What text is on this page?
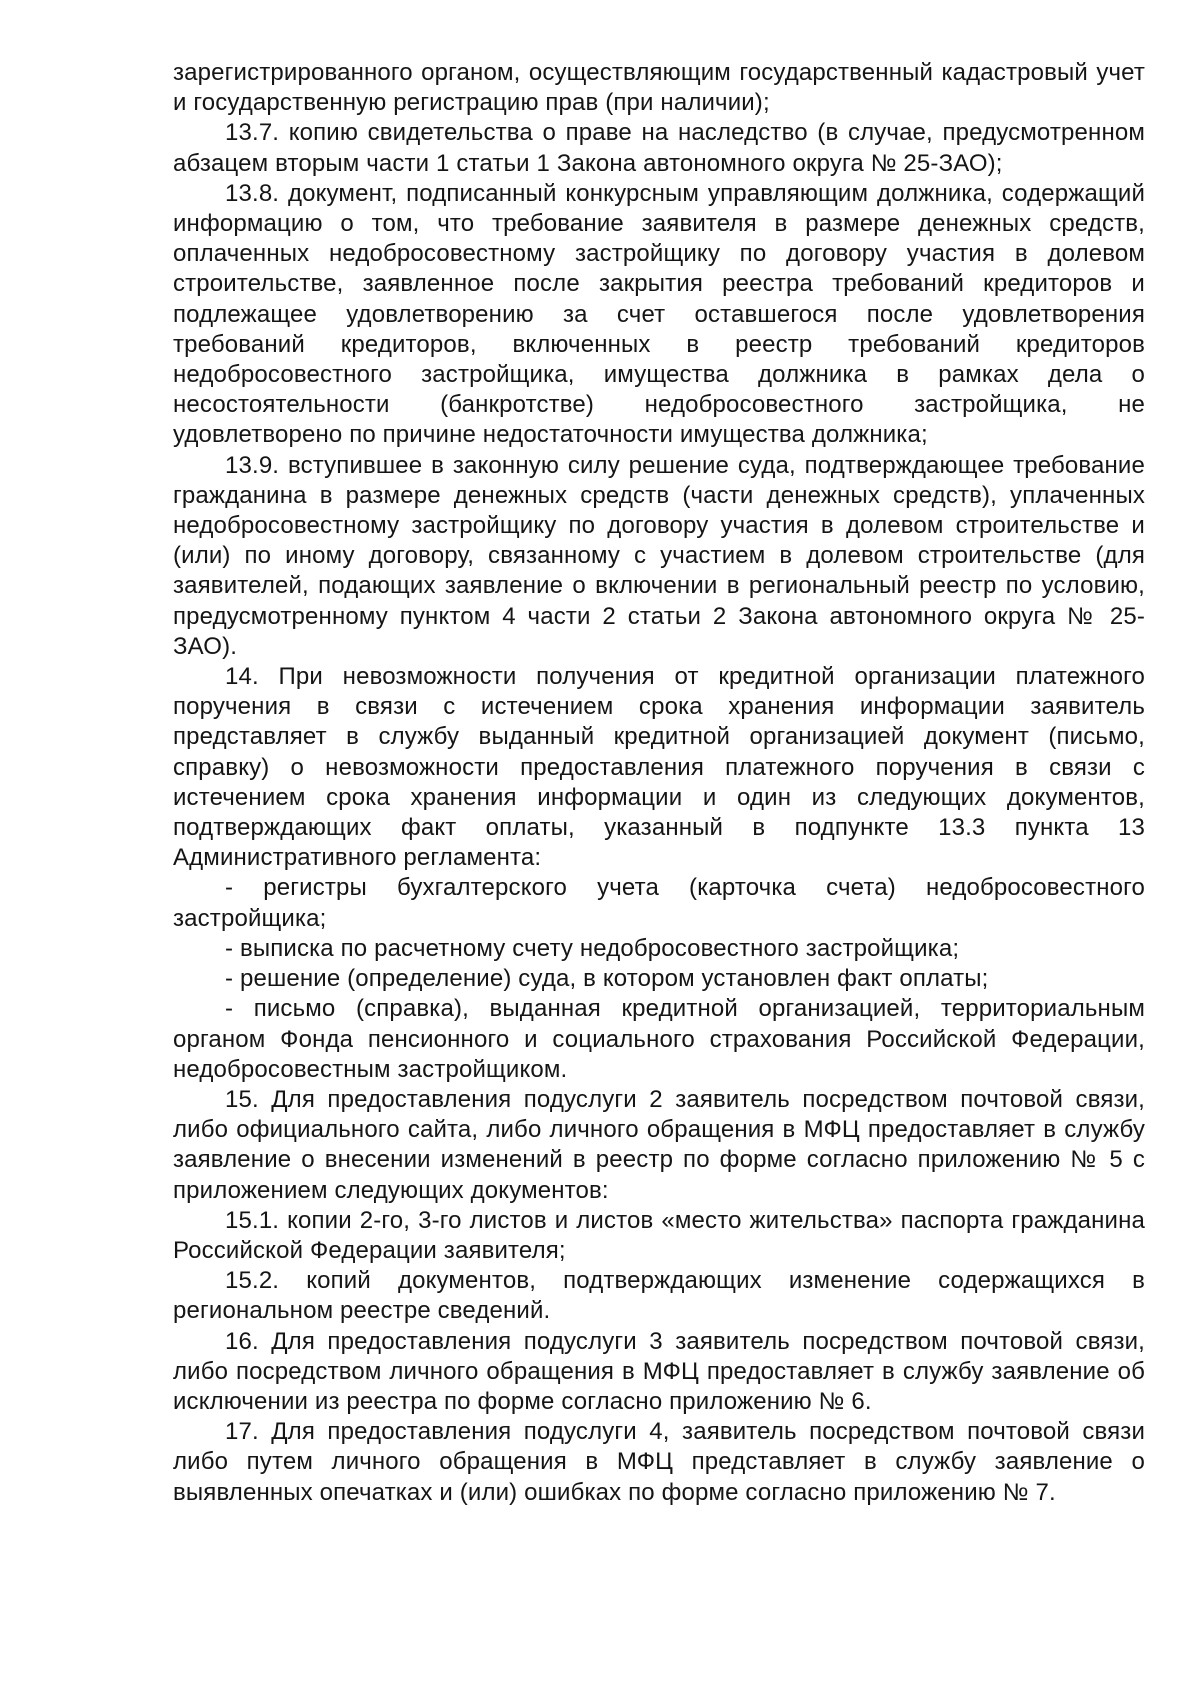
зарегистрированного органом, осуществляющим государственный кадастровый учет и государственную регистрацию прав (при наличии);

13.7. копию свидетельства о праве на наследство (в случае, предусмотренном абзацем вторым части 1 статьи 1 Закона автономного округа № 25-ЗАО);

13.8. документ, подписанный конкурсным управляющим должника, содержащий информацию о том, что требование заявителя в размере денежных средств, оплаченных недобросовестному застройщику по договору участия в долевом строительстве, заявленное после закрытия реестра требований кредиторов и подлежащее удовлетворению за счет оставшегося после удовлетворения требований кредиторов, включенных в реестр требований кредиторов недобросовестного застройщика, имущества должника в рамках дела о несостоятельности (банкротстве) недобросовестного застройщика, не удовлетворено по причине недостаточности имущества должника;

13.9. вступившее в законную силу решение суда, подтверждающее требование гражданина в размере денежных средств (части денежных средств), уплаченных недобросовестному застройщику по договору участия в долевом строительстве и (или) по иному договору, связанному с участием в долевом строительстве (для заявителей, подающих заявление о включении в региональный реестр по условию, предусмотренному пунктом 4 части 2 статьи 2 Закона автономного округа № 25-ЗАО).

14. При невозможности получения от кредитной организации платежного поручения в связи с истечением срока хранения информации заявитель представляет в службу выданный кредитной организацией документ (письмо, справку) о невозможности предоставления платежного поручения в связи с истечением срока хранения информации и один из следующих документов, подтверждающих факт оплаты, указанный в подпункте 13.3 пункта 13 Административного регламента:

- регистры бухгалтерского учета (карточка счета) недобросовестного застройщика;

- выписка по расчетному счету недобросовестного застройщика;

- решение (определение) суда, в котором установлен факт оплаты;

- письмо (справка), выданная кредитной организацией, территориальным органом Фонда пенсионного и социального страхования Российской Федерации, недобросовестным застройщиком.

15. Для предоставления подуслуги 2 заявитель посредством почтовой связи, либо официального сайта, либо личного обращения в МФЦ предоставляет в службу заявление о внесении изменений в реестр по форме согласно приложению № 5 с приложением следующих документов:

15.1. копии 2-го, 3-го листов и листов «место жительства» паспорта гражданина Российской Федерации заявителя;

15.2. копий документов, подтверждающих изменение содержащихся в региональном реестре сведений.

16. Для предоставления подуслуги 3 заявитель посредством почтовой связи, либо посредством личного обращения в МФЦ предоставляет в службу заявление об исключении из реестра по форме согласно приложению № 6.

17. Для предоставления подуслуги 4, заявитель посредством почтовой связи либо путем личного обращения в МФЦ представляет в службу заявление о выявленных опечатках и (или) ошибках по форме согласно приложению № 7.
